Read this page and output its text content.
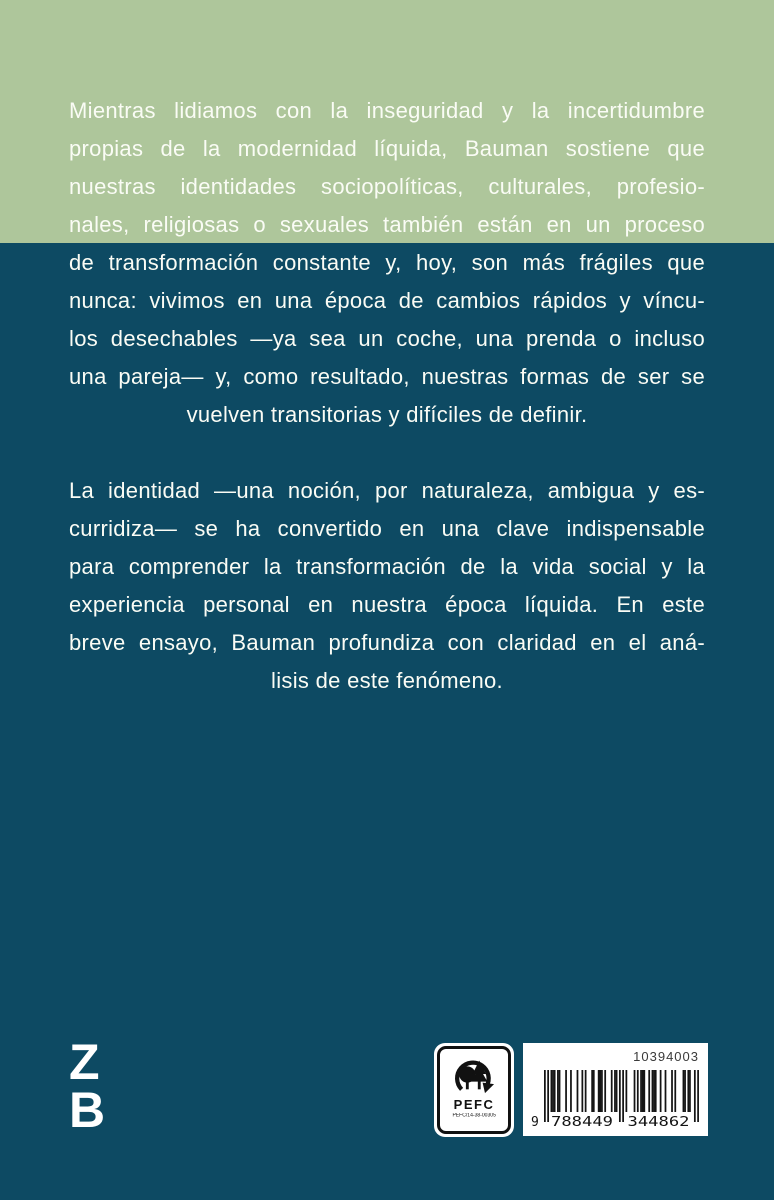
Mientras lidiamos con la inseguridad y la incertidumbre
propias de la modernidad líquida, Bauman sostiene que
nuestras identidades sociopolíticas, culturales, profesio-
nales, religiosas o sexuales también están en un proceso
de transformación constante y, hoy, son más frágiles que
nunca: vivimos en una época de cambios rápidos y víncu-
los desechables —ya sea un coche, una prenda o incluso
una pareja— y, como resultado, nuestras formas de ser se
vuelven transitorias y difíciles de definir.
La identidad —una noción, por naturaleza, ambigua y es-
curridiza— se ha convertido en una clave indispensable
para comprender la transformación de la vida social y la
experiencia personal en nuestra época líquida. En este
breve ensayo, Bauman profundiza con claridad en el aná-
lisis de este fenómeno.
Z
B	PEFC
PEFC/14-38-00305
10394003
9 788449 344862
